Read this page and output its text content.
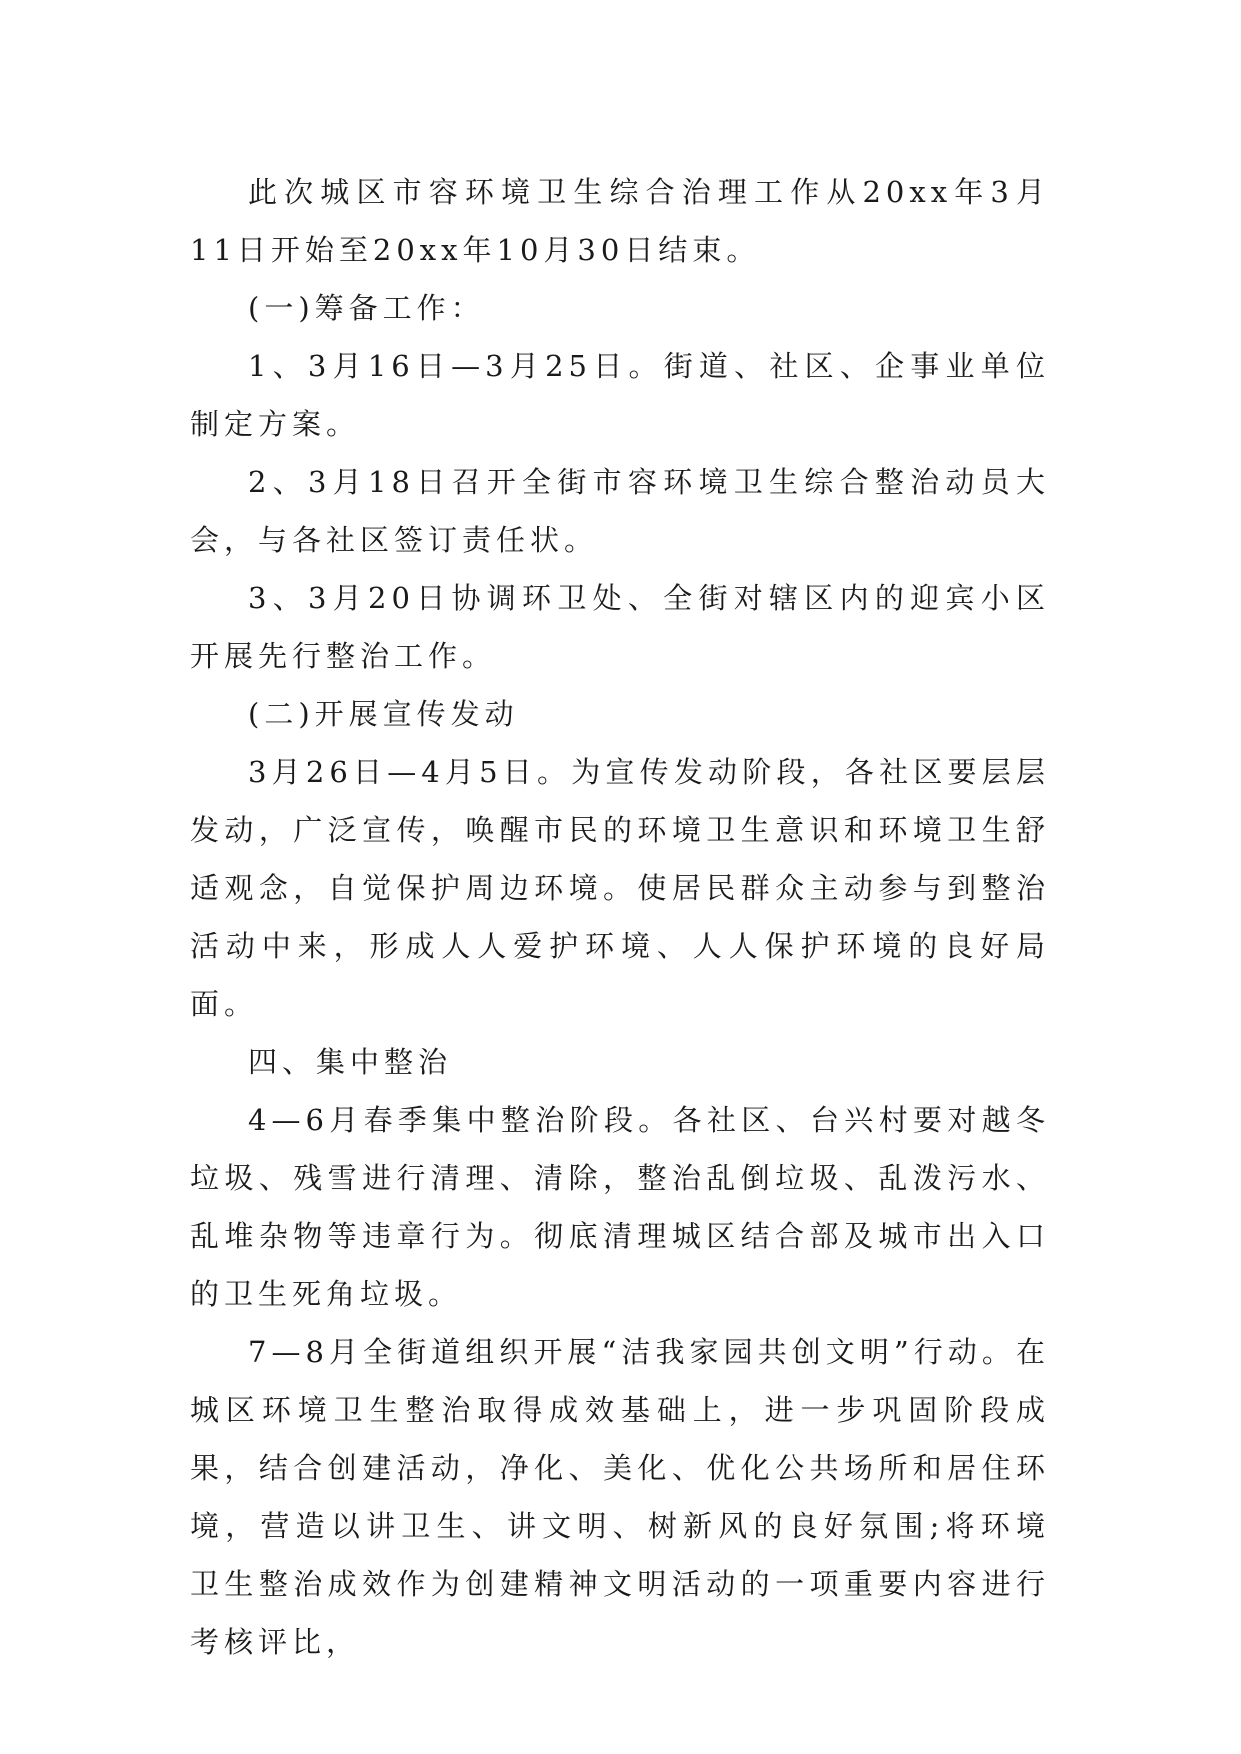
此次城区市容环境卫生综合治理工作从20xx年3月11日开始至20xx年10月30日结束。

(一)筹备工作：

1、3月16日—3月25日。街道、社区、企事业单位制定方案。

2、3月18日召开全街市容环境卫生综合整治动员大会，与各社区签订责任状。

3、3月20日协调环卫处、全街对辖区内的迎宾小区开展先行整治工作。

(二)开展宣传发动

3月26日—4月5日。为宣传发动阶段，各社区要层层发动，广泛宣传，唤醒市民的环境卫生意识和环境卫生舒适观念，自觉保护周边环境。使居民群众主动参与到整治活动中来，形成人人爱护环境、人人保护环境的良好局面。

四、集中整治

4—6月春季集中整治阶段。各社区、台兴村要对越冬垃圾、残雪进行清理、清除，整治乱倒垃圾、乱泼污水、乱堆杂物等违章行为。彻底清理城区结合部及城市出入口的卫生死角垃圾。

7—8月全街道组织开展“洁我家园共创文明”行动。在城区环境卫生整治取得成效基础上，进一步巩固阶段成果，结合创建活动，净化、美化、优化公共场所和居住环境，营造以讲卫生、讲文明、树新风的良好氛围;将环境卫生整治成效作为创建精神文明活动的一项重要内容进行考核评比，
